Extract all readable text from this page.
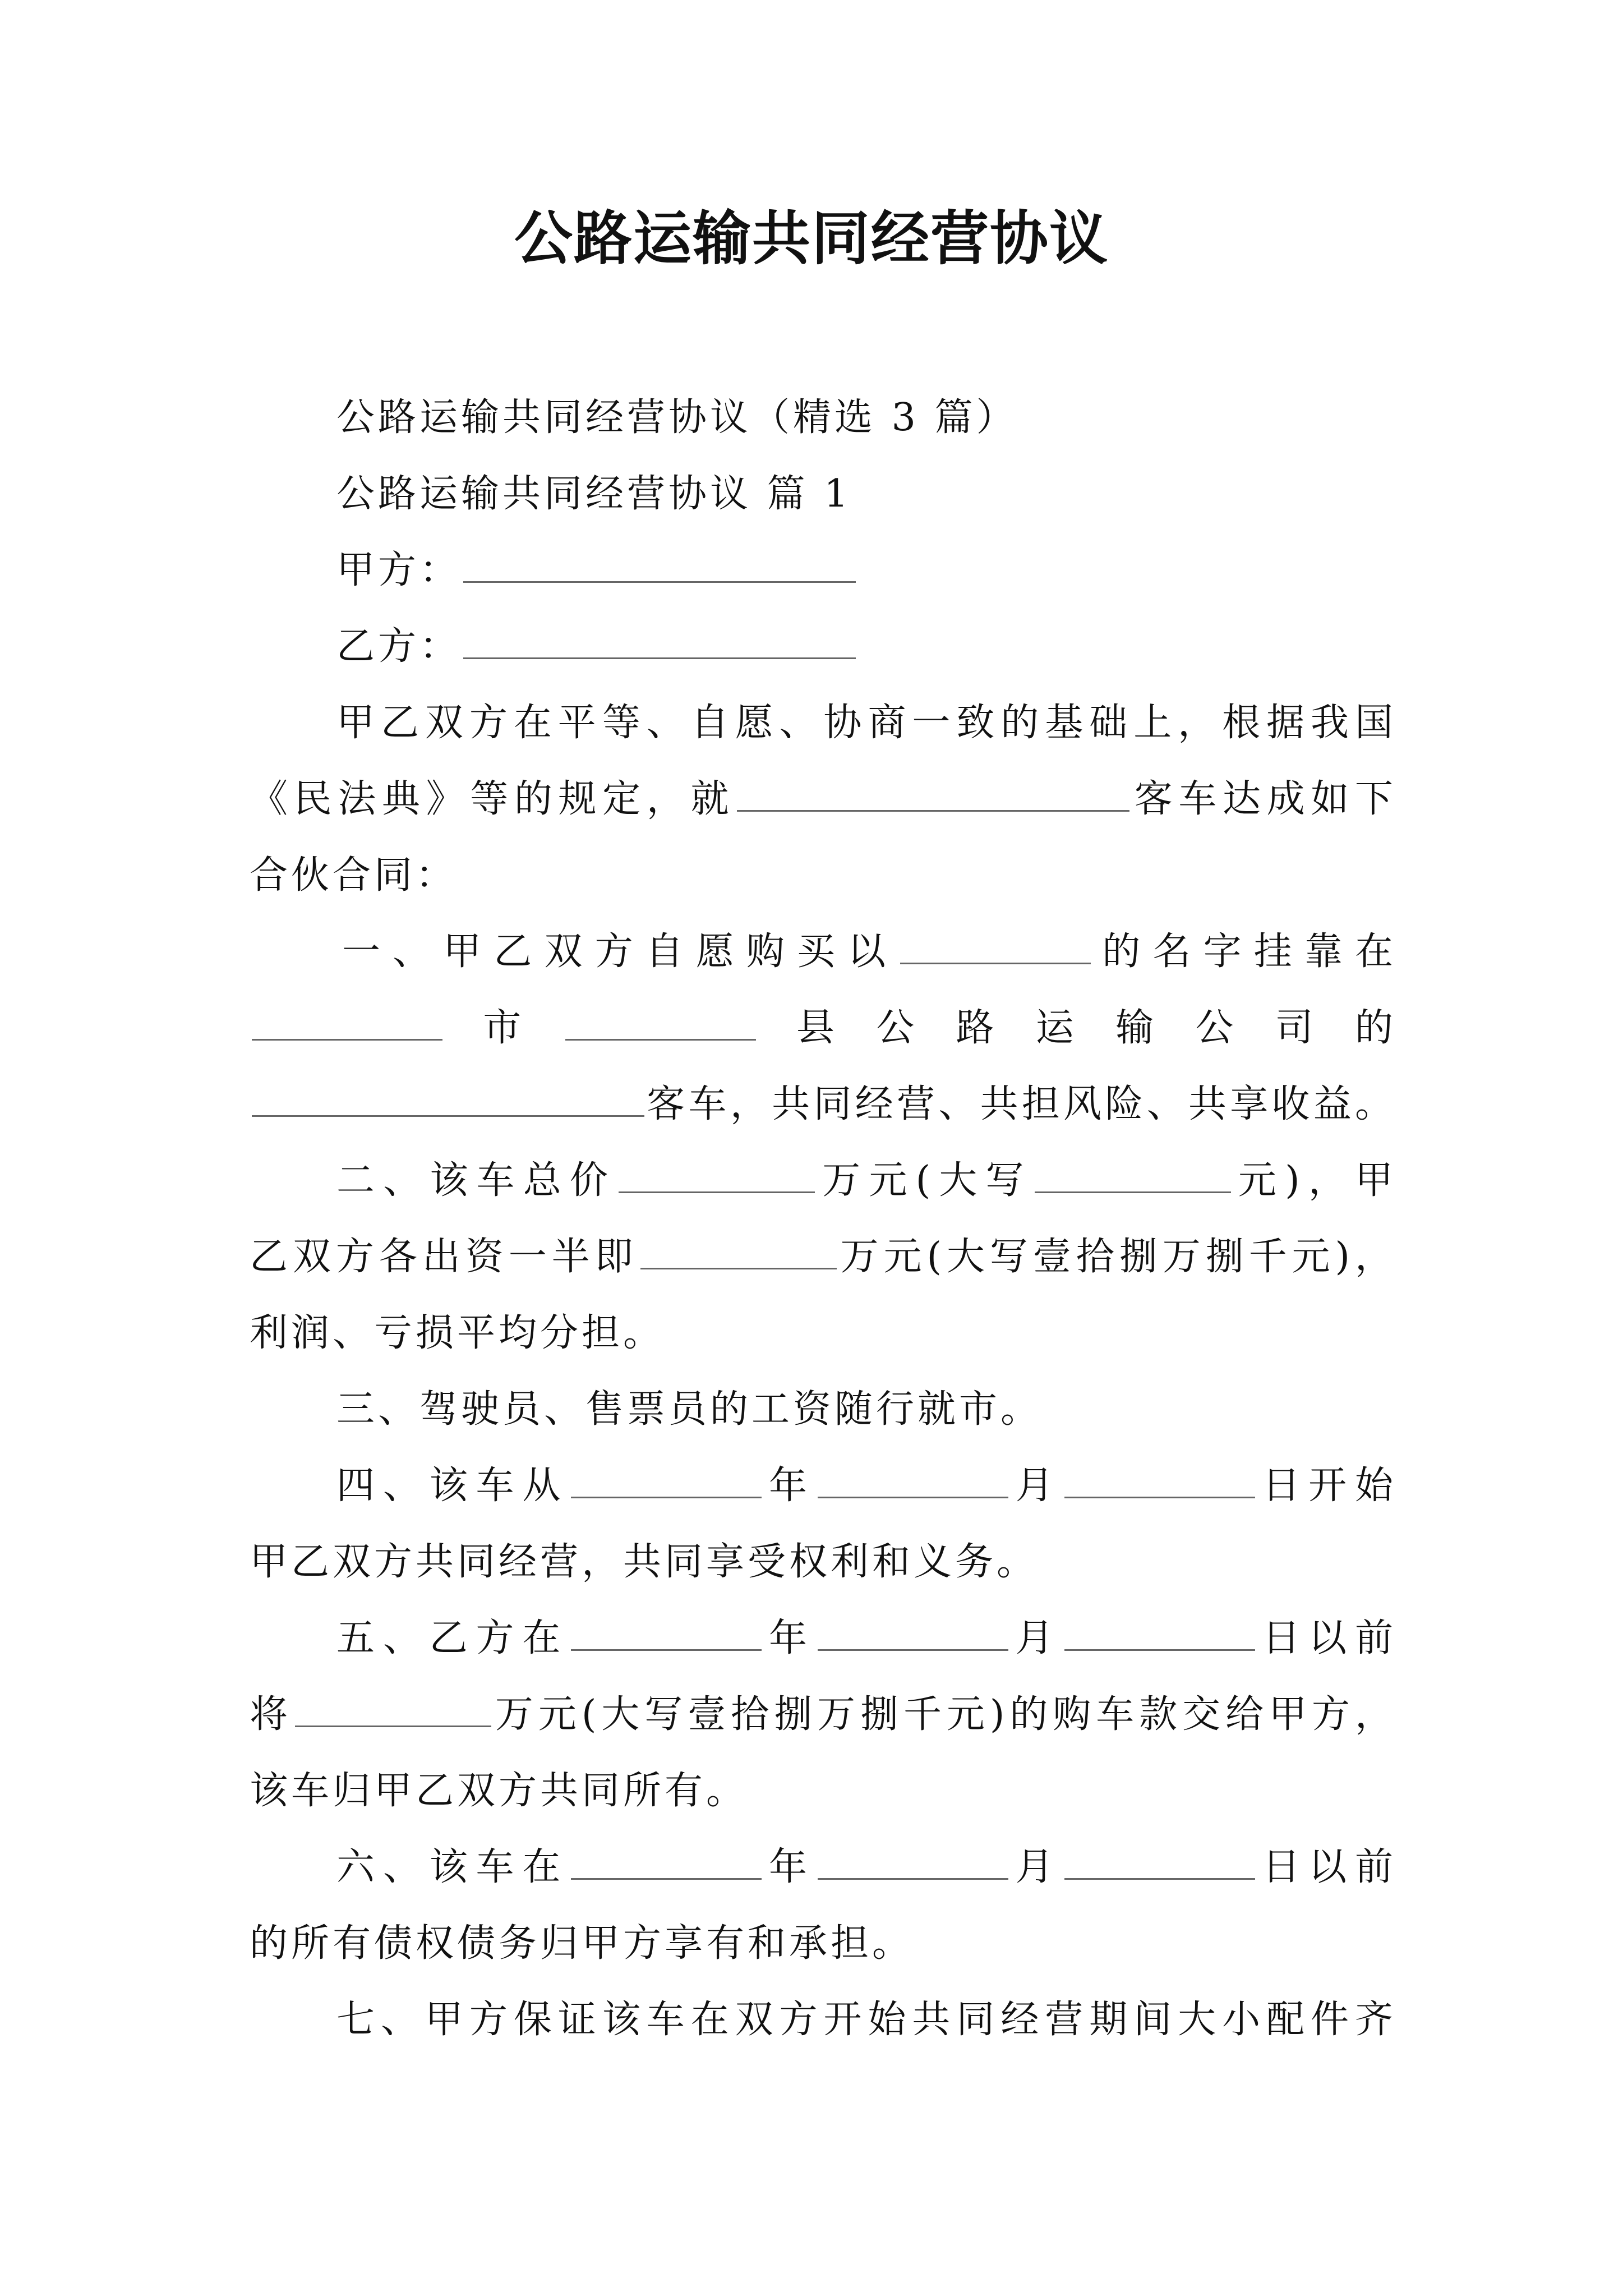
公路运输共同经营协议
公路运输共同经营协议（精选 3 篇）
公路运输共同经营协议 篇 1
甲方：
乙方：
甲乙双方在平等、自愿、协商一致的基础上，根据我国
《民法典》等的规定，就	客车达成如下
合伙合同：
一、甲乙双方自愿购买以	的名字挂靠在
市	县公路运输公司的
客车，共同经营、共担风险、共享收益。
二、该车总价	万元(大写	元)，甲
乙双方各出资一半即	万元(大写壹拾捌万捌千元)，
利润、亏损平均分担。
三、驾驶员、售票员的工资随行就市。
四、该车从	年	月	日开始
甲乙双方共同经营，共同享受权利和义务。
五、乙方在	年	月	日以前
将	万元(大写壹拾捌万捌千元)的购车款交给甲方，
该车归甲乙双方共同所有。
六、该车在	年	月	日以前
的所有债权债务归甲方享有和承担。
七、甲方保证该车在双方开始共同经营期间大小配件齐
